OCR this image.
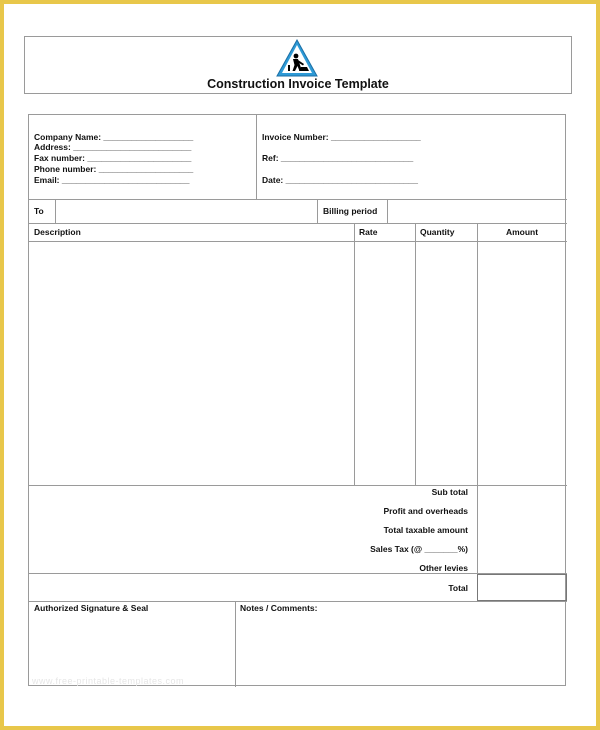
Construction Invoice Template
Company Name: ___________________
Address: _________________________
Fax number: ______________________
Phone number: ____________________
Email: ___________________________
Invoice Number: ___________________
Ref: ____________________________
Date: ____________________________
To	Billing period
Description	Rate	Quantity	Amount
Sub total
Profit and overheads
Total taxable amount
Sales Tax (@ _______%)
Other levies
Total
Authorized Signature & Seal	Notes / Comments:
www.free-printable-templates.com
